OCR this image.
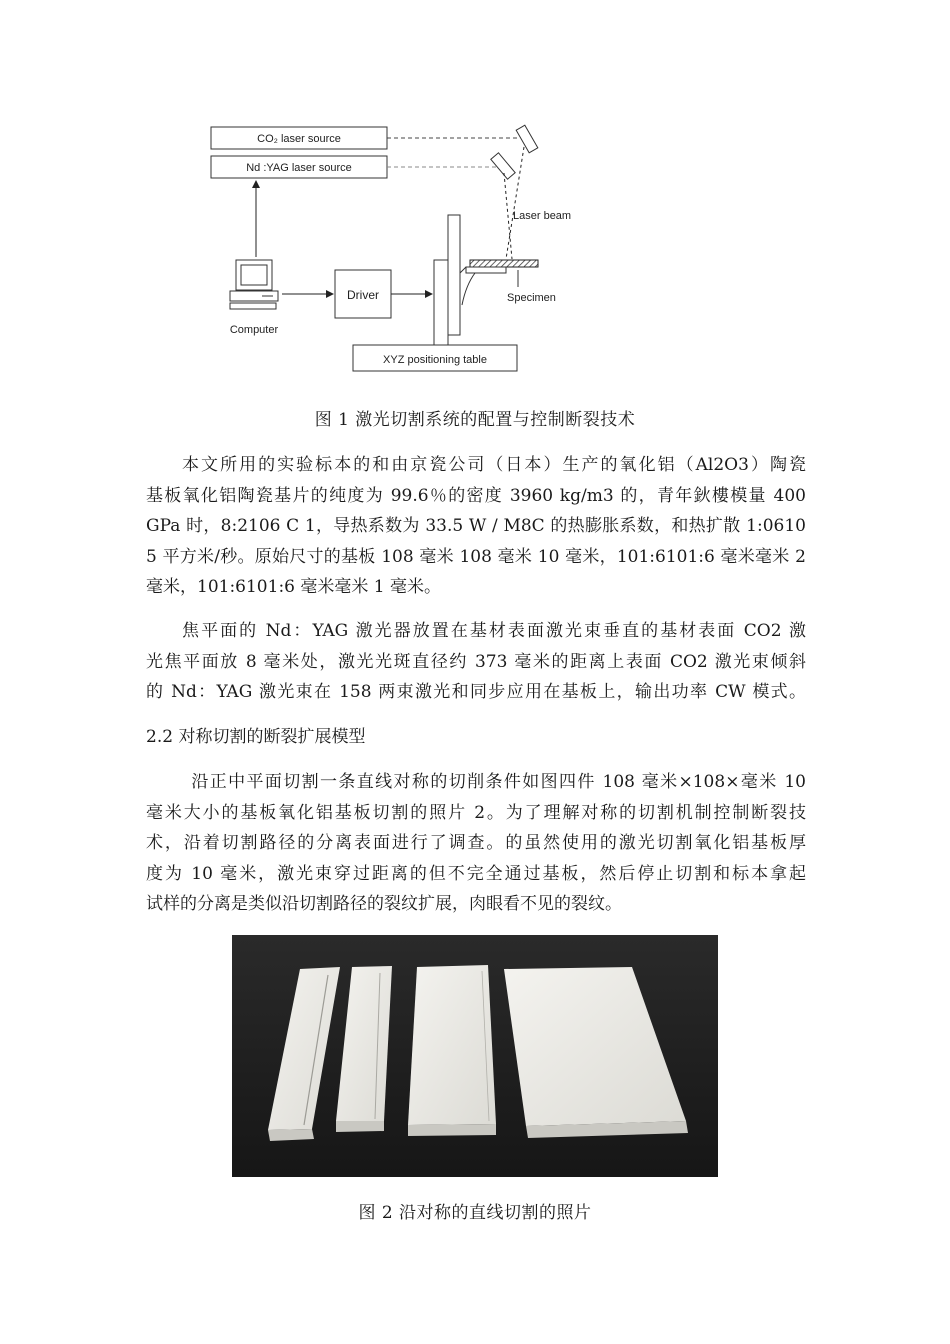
CO₂ laser source
Nd :YAG laser source
Laser beam
Specimen
XYZ positioning table
Driver
Computer
图 1 激光切割系统的配置与控制断裂技术
本文所用的实验标本的和由京瓷公司（日本）生产的氧化铝（Al2O3）陶瓷
基板氧化铝陶瓷基片的纯度为 99.6％的密度 3960 kg/m3 的，青年鈥樓模量 400
GPa 时，8:2106 C 1，导热系数为 33.5 W / M8C 的热膨胀系数，和热扩散 1:0610
5 平方米/秒。原始尺寸的基板 108 毫米 108 毫米 10 毫米，101:6101:6 毫米毫米 2
毫米，101:6101:6 毫米毫米 1 毫米。
焦平面的 Nd：YAG 激光器放置在基材表面激光束垂直的基材表面 CO2 激
光焦平面放 8 毫米处，激光光斑直径约 373 毫米的距离上表面 CO2 激光束倾斜
的 Nd：YAG 激光束在 158 两束激光和同步应用在基板上，输出功率 CW 模式。
2.2 对称切割的断裂扩展模型
沿正中平面切割一条直线对称的切削条件如图四件 108 毫米×108×毫米 10
毫米大小的基板氧化铝基板切割的照片 2。为了理解对称的切割机制控制断裂技
术，沿着切割路径的分离表面进行了调查。的虽然使用的激光切割氧化铝基板厚
度为 10 毫米，激光束穿过距离的但不完全通过基板，然后停止切割和标本拿起
试样的分离是类似沿切割路径的裂纹扩展，肉眼看不见的裂纹。
图 2 沿对称的直线切割的照片
